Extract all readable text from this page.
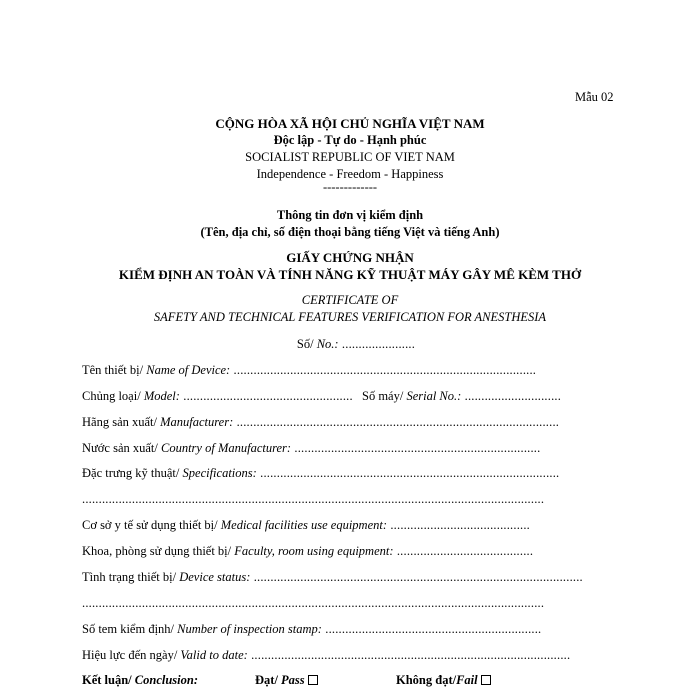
Mẫu 02
CỘNG HÒA XÃ HỘI CHỦ NGHĨA VIỆT NAM
Độc lập - Tự do - Hạnh phúc
SOCIALIST REPUBLIC OF VIET NAM
Independence - Freedom - Happiness
-------------
Thông tin đơn vị kiểm định
(Tên, địa chỉ, số điện thoại bằng tiếng Việt và tiếng Anh)
GIẤY CHỨNG NHẬN
KIỂM ĐỊNH AN TOÀN VÀ TÍNH NĂNG KỸ THUẬT MÁY GÂY MÊ KÈM THỞ
CERTIFICATE OF
SAFETY AND TECHNICAL FEATURES VERIFICATION FOR ANESTHESIA
Số/ No.: ......................
Tên thiết bị/ Name of Device: ...........................................................................................
Chủng loại/ Model: ................................................... Số máy/ Serial No.: .............................
Hãng sản xuất/ Manufacturer: .................................................................................................
Nước sản xuất/ Country of Manufacturer: ..........................................................................
Đặc trưng kỹ thuật/ Specifications: ..........................................................................................
...........................................................................................................................................
Cơ sở y tế sử dụng thiết bị/ Medical facilities use equipment: ..........................................
Khoa, phòng sử dụng thiết bị/ Faculty, room using equipment: .........................................
Tình trạng thiết bị/ Device status: ...................................................................................................
...........................................................................................................................................
Số tem kiểm định/ Number of inspection stamp: .................................................................
Hiệu lực đến ngày/ Valid to date: ................................................................................................
Kết luận/ Conclusion:	Đạt/ Pass	Không đạt/Fail
